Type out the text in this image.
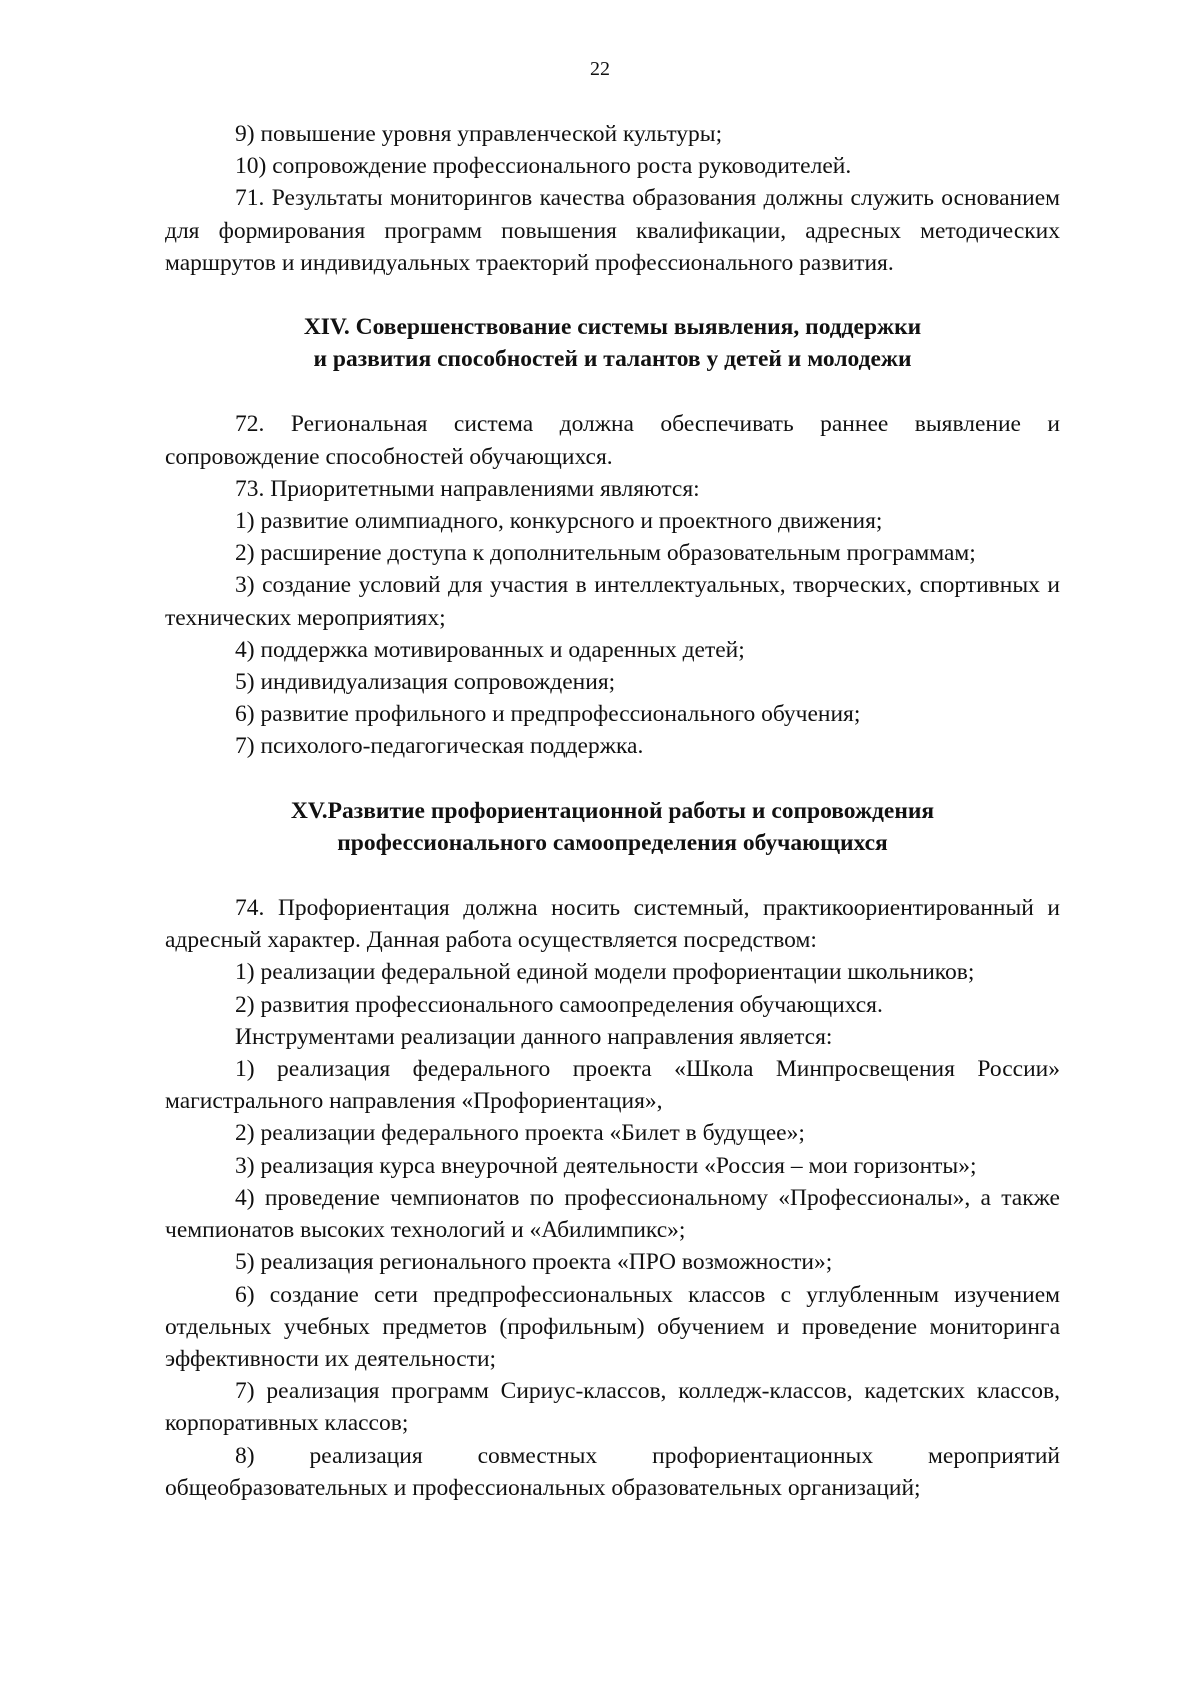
22

9) повышение уровня управленческой культуры;

10) сопровождение профессионального роста руководителей.

71. Результаты мониторингов качества образования должны служить основанием для формирования программ повышения квалификации, адресных методических маршрутов и индивидуальных траекторий профессионального развития.

XIV. Совершенствование системы выявления, поддержки
и развития способностей и талантов у детей и молодежи

72. Региональная система должна обеспечивать раннее выявление и сопровождение способностей обучающихся.

73. Приоритетными направлениями являются:

1) развитие олимпиадного, конкурсного и проектного движения;

2) расширение доступа к дополнительным образовательным программам;

3) создание условий для участия в интеллектуальных, творческих, спортивных и технических мероприятиях;

4) поддержка мотивированных и одаренных детей;

5) индивидуализация сопровождения;

6) развитие профильного и предпрофессионального обучения;

7) психолого-педагогическая поддержка.

XV.Развитие профориентационной работы и сопровождения
профессионального самоопределения обучающихся

74. Профориентация должна носить системный, практикоориентированный и адресный характер. Данная работа осуществляется посредством:

1) реализации федеральной единой модели профориентации школьников;

2) развития профессионального самоопределения обучающихся.

Инструментами реализации данного направления является:

1) реализация федерального проекта «Школа Минпросвещения России» магистрального направления «Профориентация»,

2) реализации федерального проекта «Билет в будущее»;

3) реализация курса внеурочной деятельности «Россия – мои горизонты»;

4) проведение чемпионатов по профессиональному «Профессионалы», а также чемпионатов высоких технологий и «Абилимпикс»;

5) реализация регионального проекта «ПРО возможности»;

6) создание сети предпрофессиональных классов с углубленным изучением отдельных учебных предметов (профильным) обучением и проведение мониторинга эффективности их деятельности;

7) реализация программ Сириус-классов, колледж-классов, кадетских классов, корпоративных классов;

8) реализация совместных профориентационных мероприятий общеобразовательных и профессиональных образовательных организаций;
